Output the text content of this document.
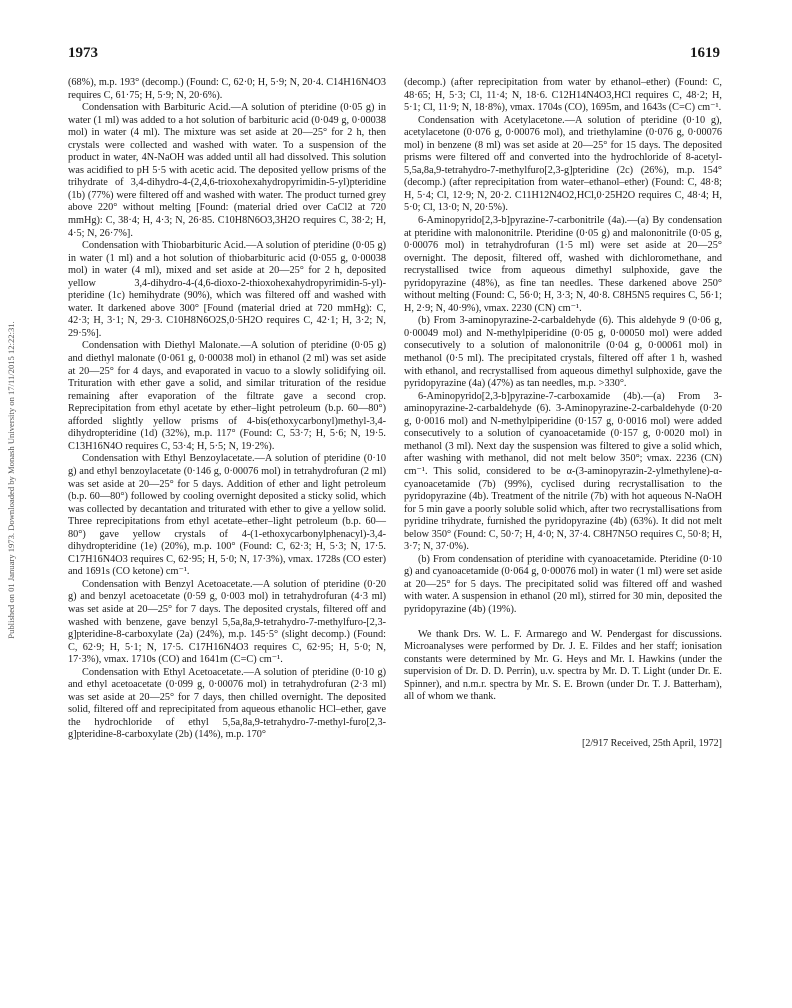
Published on 01 January 1973. Downloaded by Monash University on 17/11/2015 12:22:31.
1973	1619

(68%), m.p. 193° (decomp.) (Found: C, 62·0; H, 5·9; N, 20·4. C14H16N4O3 requires C, 61·75; H, 5·9; N, 20·6%).

Condensation with Barbituric Acid.—A solution of pteridine (0·05 g) in water (1 ml) was added to a hot solution of barbituric acid (0·049 g, 0·00038 mol) in water (4 ml). The mixture was set aside at 20—25° for 2 h, then crystals were collected and washed with water. To a suspension of the product in water, 4N-NaOH was added until all had dissolved. This solution was acidified to pH 5·5 with acetic acid. The deposited yellow prisms of the trihydrate of 3,4-dihydro-4-(2,4,6-trioxohexahydropyrimidin-5-yl)pteridine (1b) (77%) were filtered off and washed with water. The product turned grey above 220° without melting [Found: (material dried over CaCl2 at 720 mmHg): C, 38·4; H, 4·3; N, 26·85. C10H8N6O3,3H2O requires C, 38·2; H, 4·5; N, 26·7%].

Condensation with Thiobarbituric Acid.—A solution of pteridine (0·05 g) in water (1 ml) and a hot solution of thiobarbituric acid (0·055 g, 0·00038 mol) in water (4 ml), mixed and set aside at 20—25° for 2 h, deposited yellow 3,4-dihydro-4-(4,6-dioxo-2-thioxohexahydropyrimidin-5-yl)-pteridine (1c) hemihydrate (90%), which was filtered off and washed with water. It darkened above 300° [Found (material dried at 720 mmHg): C, 42·3; H, 3·1; N, 29·3. C10H8N6O2S,0·5H2O requires C, 42·1; H, 3·2; N, 29·5%].

Condensation with Diethyl Malonate.—A solution of pteridine (0·05 g) and diethyl malonate (0·061 g, 0·00038 mol) in ethanol (2 ml) was set aside at 20—25° for 4 days, and evaporated in vacuo to a slowly solidifying oil. Trituration with ether gave a solid, and similar trituration of the residue remaining after evaporation of the filtrate gave a second crop. Reprecipitation from ethyl acetate by ether–light petroleum (b.p. 60—80°) afforded slightly yellow prisms of 4-bis(ethoxycarbonyl)methyl-3,4-dihydropteridine (1d) (32%), m.p. 117° (Found: C, 53·7; H, 5·6; N, 19·5. C13H16N4O requires C, 53·4; H, 5·5; N, 19·2%).

Condensation with Ethyl Benzoylacetate.—A solution of pteridine (0·10 g) and ethyl benzoylacetate (0·146 g, 0·00076 mol) in tetrahydrofuran (2 ml) was set aside at 20—25° for 5 days. Addition of ether and light petroleum (b.p. 60—80°) followed by cooling overnight deposited a sticky solid, which was collected by decantation and triturated with ether to give a yellow solid. Three reprecipitations from ethyl acetate–ether–light petroleum (b.p. 60—80°) gave yellow crystals of 4-(1-ethoxycarbonylphenacyl)-3,4-dihydropteridine (1e) (20%), m.p. 100° (Found: C, 62·3; H, 5·3; N, 17·5. C17H16N4O3 requires C, 62·95; H, 5·0; N, 17·3%), νmax. 1728s (CO ester) and 1691s (CO ketone) cm⁻¹.

Condensation with Benzyl Acetoacetate.—A solution of pteridine (0·20 g) and benzyl acetoacetate (0·59 g, 0·003 mol) in tetrahydrofuran (4·3 ml) was set aside at 20—25° for 7 days. The deposited crystals, filtered off and washed with benzene, gave benzyl 5,5a,8a,9-tetrahydro-7-methylfuro-[2,3-g]pteridine-8-carboxylate (2a) (24%), m.p. 145·5° (slight decomp.) (Found: C, 62·9; H, 5·1; N, 17·5. C17H16N4O3 requires C, 62·95; H, 5·0; N, 17·3%), νmax. 1710s (CO) and 1641m (C=C) cm⁻¹.

Condensation with Ethyl Acetoacetate.—A solution of pteridine (0·10 g) and ethyl acetoacetate (0·099 g, 0·00076 mol) in tetrahydrofuran (2·3 ml) was set aside at 20—25° for 7 days, then chilled overnight. The deposited solid, filtered off and reprecipitated from aqueous ethanolic HCl–ether, gave the hydrochloride of ethyl 5,5a,8a,9-tetrahydro-7-methyl-furo[2,3-g]pteridine-8-carboxylate (2b) (14%), m.p. 170°

(decomp.) (after reprecipitation from water by ethanol–ether) (Found: C, 48·65; H, 5·3; Cl, 11·4; N, 18·6. C12H14N4O3,HCl requires C, 48·2; H, 5·1; Cl, 11·9; N, 18·8%), νmax. 1704s (CO), 1695m, and 1643s (C=C) cm⁻¹.

Condensation with Acetylacetone.—A solution of pteridine (0·10 g), acetylacetone (0·076 g, 0·00076 mol), and triethylamine (0·076 g, 0·00076 mol) in benzene (8 ml) was set aside at 20—25° for 15 days. The deposited prisms were filtered off and converted into the hydrochloride of 8-acetyl-5,5a,8a,9-tetrahydro-7-methylfuro[2,3-g]pteridine (2c) (26%), m.p. 154° (decomp.) (after reprecipitation from water–ethanol–ether) (Found: C, 48·8; H, 5·4; Cl, 12·9; N, 20·2. C11H12N4O2,HCl,0·25H2O requires C, 48·4; H, 5·0; Cl, 13·0; N, 20·5%).

6-Aminopyrido[2,3-b]pyrazine-7-carbonitrile (4a).—(a) By condensation at pteridine with malononitrile. Pteridine (0·05 g) and malononitrile (0·05 g, 0·00076 mol) in tetrahydrofuran (1·5 ml) were set aside at 20—25° overnight. The deposit, filtered off, washed with dichloromethane, and recrystallised twice from aqueous dimethyl sulphoxide, gave the pyridopyrazine (48%), as fine tan needles. These darkened above 250° without melting (Found: C, 56·0; H, 3·3; N, 40·8. C8H5N5 requires C, 56·1; H, 2·9; N, 40·9%), νmax. 2230 (CN) cm⁻¹.

(b) From 3-aminopyrazine-2-carbaldehyde (6). This aldehyde 9 (0·06 g, 0·00049 mol) and N-methylpiperidine (0·05 g, 0·00050 mol) were added consecutively to a solution of malononitrile (0·04 g, 0·00061 mol) in methanol (0·5 ml). The precipitated crystals, filtered off after 1 h, washed with ethanol, and recrystallised from aqueous dimethyl sulphoxide, gave the pyridopyrazine (4a) (47%) as tan needles, m.p. >330°.

6-Aminopyrido[2,3-b]pyrazine-7-carboxamide (4b).—(a) From 3-aminopyrazine-2-carbaldehyde (6). 3-Aminopyrazine-2-carbaldehyde (0·20 g, 0·0016 mol) and N-methylpiperidine (0·157 g, 0·0016 mol) were added consecutively to a solution of cyanoacetamide (0·157 g, 0·0020 mol) in methanol (3 ml). Next day the suspension was filtered to give a solid which, after washing with methanol, did not melt below 350°; νmax. 2236 (CN) cm⁻¹. This solid, considered to be α-(3-aminopyrazin-2-ylmethylene)-α-cyanoacetamide (7b) (99%), cyclised during recrystallisation to the pyridopyrazine (4b). Treatment of the nitrile (7b) with hot aqueous N-NaOH for 5 min gave a poorly soluble solid which, after two recrystallisations from pyridine trihydrate, furnished the pyridopyrazine (4b) (63%). It did not melt below 350° (Found: C, 50·7; H, 4·0; N, 37·4. C8H7N5O requires C, 50·8; H, 3·7; N, 37·0%).

(b) From condensation of pteridine with cyanoacetamide. Pteridine (0·10 g) and cyanoacetamide (0·064 g, 0·00076 mol) in water (1 ml) were set aside at 20—25° for 5 days. The precipitated solid was filtered off and washed with water. A suspension in ethanol (20 ml), stirred for 30 min, deposited the pyridopyrazine (4b) (19%).

We thank Drs. W. L. F. Armarego and W. Pendergast for discussions. Microanalyses were performed by Dr. J. E. Fildes and her staff; ionisation constants were determined by Mr. G. Heys and Mr. I. Hawkins (under the supervision of Dr. D. D. Perrin), u.v. spectra by Mr. D. T. Light (under Dr. E. Spinner), and n.m.r. spectra by Mr. S. E. Brown (under Dr. T. J. Batterham), all of whom we thank.

[2/917 Received, 25th April, 1972]
